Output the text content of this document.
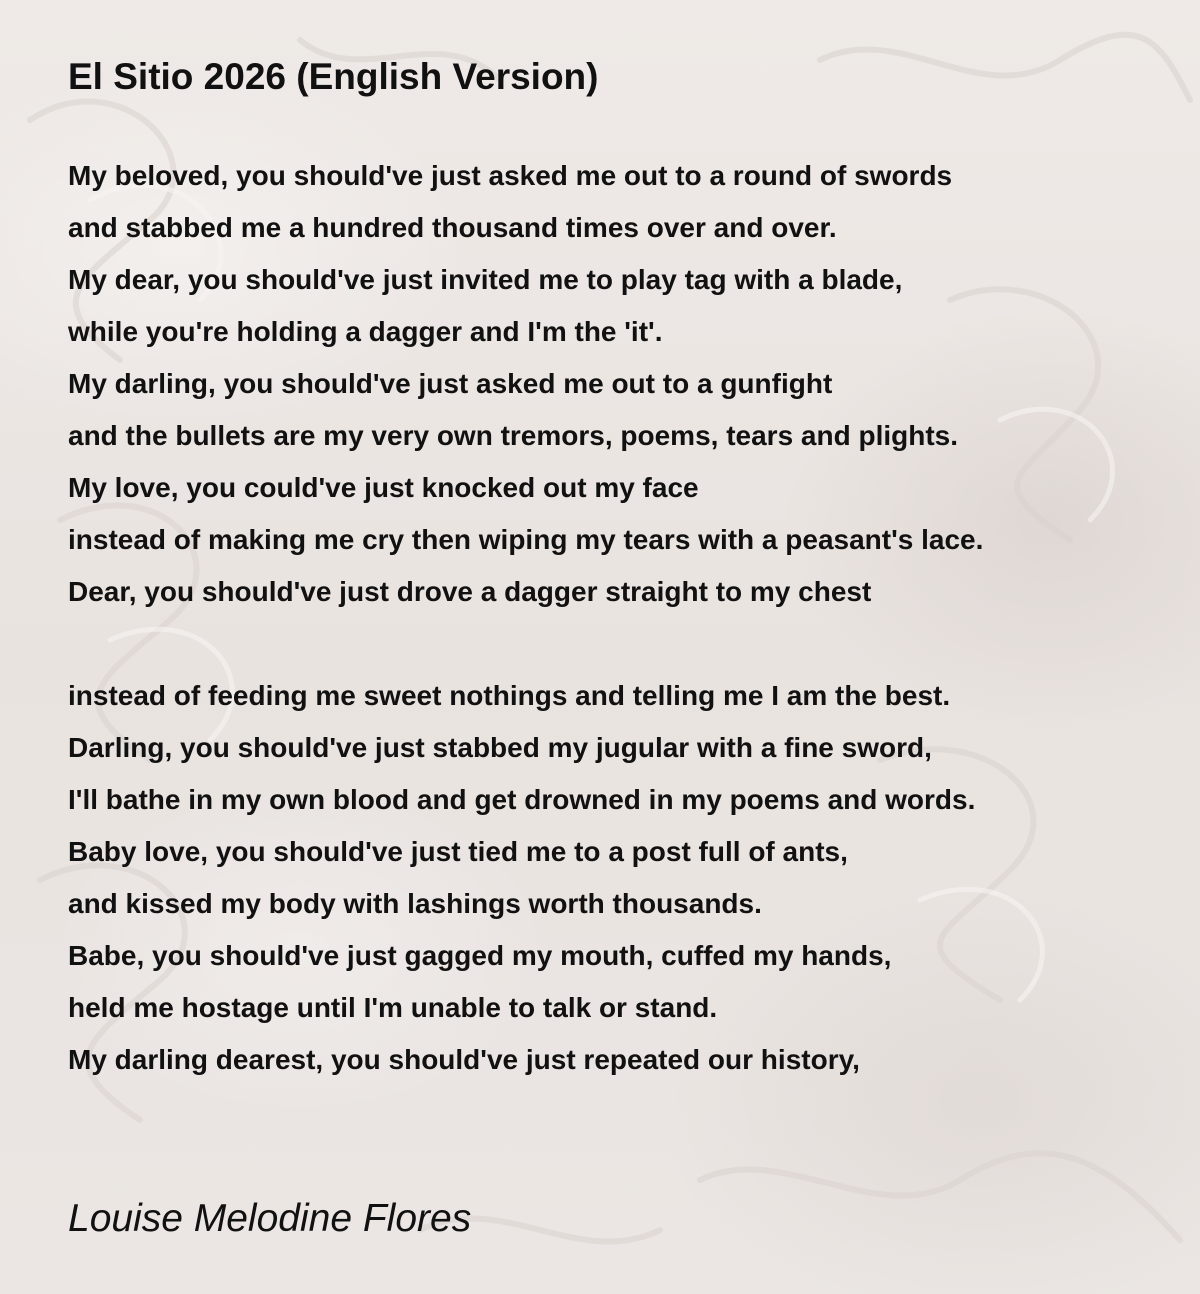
El Sitio 2026 (English Version)
My beloved, you should've just asked me out to a round of swords
and stabbed me a hundred thousand times over and over.
My dear, you should've just invited me to play tag with a blade,
while you're holding a dagger and I'm the 'it'.
My darling, you should've just asked me out to a gunfight
and the bullets are my very own tremors, poems, tears and plights.
My love, you could've just knocked out my face
instead of making me cry then wiping my tears with a peasant's lace.
Dear, you should've just drove a dagger straight to my chest
instead of feeding me sweet nothings and telling me I am the best.
Darling, you should've just stabbed my jugular with a fine sword,
I'll bathe in my own blood and get drowned in my poems and words.
Baby love, you should've just tied me to a post full of ants,
and kissed my body with lashings worth thousands.
Babe, you should've just gagged my mouth, cuffed my hands,
held me hostage until I'm unable to talk or stand.
My darling dearest, you should've just repeated our history,

Louise Melodine Flores
